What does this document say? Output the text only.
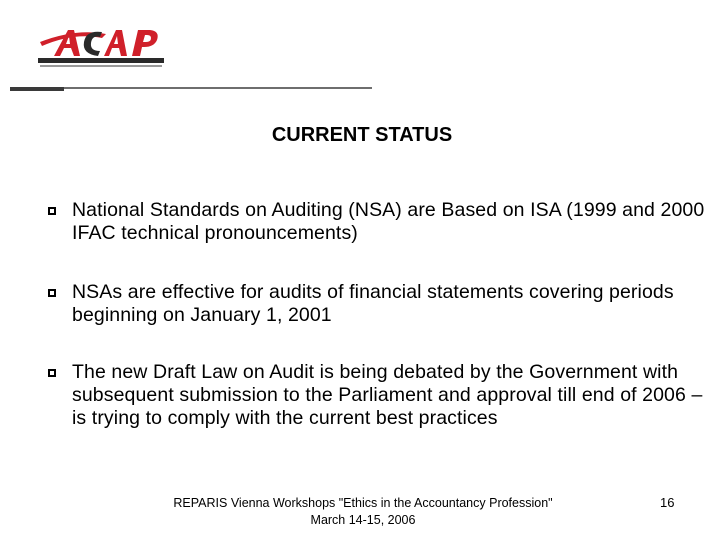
CURRENT STATUS
National Standards on Auditing (NSA) are Based on ISA (1999 and 2000 IFAC technical pronouncements)
NSAs are effective for audits of financial statements covering periods beginning on January 1, 2001
The new Draft Law on Audit is being debated by the Government with subsequent submission to the Parliament and approval till end of 2006 – is trying to comply with the current best practices
REPARIS Vienna Workshops "Ethics in the Accountancy Profession"
March 14-15, 2006
16
